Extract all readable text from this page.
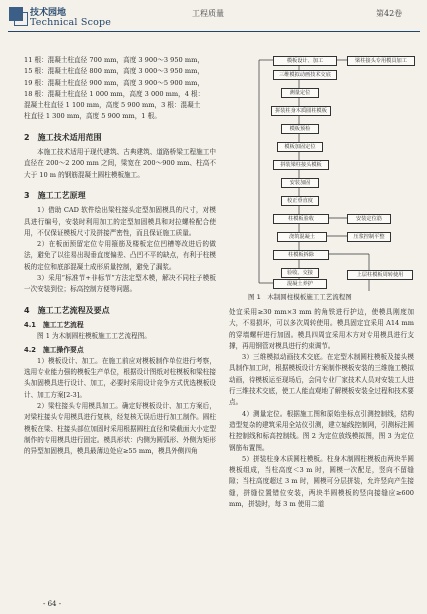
技术园地
Technical Scope
工程质量	第42卷

11 根：混凝土柱直径 700 mm，高度 3 900～3 950 mm，

15 根：混凝土柱直径 800 mm，高度 3 000～3 950 mm，

19 根：混凝土柱直径 900 mm，高度 3 900～5 900 mm，

18 根：混凝土柱直径 1 000 mm，高度 3 000 mm，4 根：

混凝土柱直径 1 100 mm，高度 5 900 mm，3 根：混凝土

柱直径 1 300 mm，高度 5 900 mm，1 根。

2　施工技术适用范围

本施工技术适用于现代建筑、古典建筑、道路桥梁工程施工中直径在 200～2 200 mm 之间，梁宽在 200～900 mm、柱高不大于 10 m 的钢筋混凝土圆柱模板施工。

3　施工工艺原理

1）借助 CAD 软件绘出梁柱接头定型加固模具的尺寸，对模具进行编号，安装时利用加工的定型加固模具和对拉螺栓配合使用，不仅保证模板尺寸及拼接严密性，而且保证施工质量。

2）在板面预留定位专用箍筋及楼板定位凹槽等改进后的做法，避免了以往易出现垂直度偏差、凸凹不平的缺点，有利于柱模板的定位和底部混凝土成形质量控制，避免了漏浆。

3）采用“标准节+非标节”方法定型木模，解决不同柱子模板一次安装到位；标高控制方便等问题。

4　施工工艺流程及要点
4.1　施工工艺流程

图 1 为木制圆柱模板施工工艺流程图。

4.2　施工操作要点

1）模板设计、加工。在施工前应对模板制作单位进行考察，选用专业能力强的模板生产单位，根据设计图纸对柱模板和梁柱接头加固模具进行设计、加工，必要时采用设计竞争方式优选模板设计、加工方案[2-3]。

2）梁柱接头专用模具加工。确定好模板设计、加工方案后，对梁柱接头专用模具进行复核，经复核无误后进行加工制作。圆柱模板在梁、柱接头部位加固时采用根据圆柱直径和梁截面大小定型制作的专用模具进行固定。模具形状：内侧为圆弧形、外侧为矩形的异型加固模具，模具最薄边处应≥55 mm，模具外侧四角

模板设计、加工	梁柱接头专用模具加工
三维模拟动画技术交底
测量定位
拼装柱身木质圆柱模板
模板预检
模板加固定位
拼装梁柱接头模板
安装加固
校正垂直度
柱模板验收	安装定位筋
浇筑混凝土	压浆控制平整
柱模板拆除
验收、交接	上层柱模板周转使用
混凝土养护
图 1　木制圆柱模板施工工艺流程图

处宜采用≥30 mm×3 mm 的角铁进行护边，使模具刚度加大，不易损坏，可以多次周转使用。模具固定宜采用 A14 mm 的穿墙螺杆进行加固。模具四周宜采用木方对专用模具进行支撑，再用钢管对模具进行约束调节。

3）三维模拟动画技术交底。在定型木制圆柱模板及接头模具制作加工时，根据模板设计方案制作模板安装的三维施工模拟动画，待模板运至现场后，会同专业厂家技术人员对安装工人进行三维技术交底，使工人能直观地了解模板安装全过程和技术要点。

4）测量定位。根据施工图和原始坐标点引测控制线，结构造型复杂的建筑采用全站仪引测，建立轴线控制网，引测标注圆柱控制线和标高控制线。图 2 为定位放线模拟图，图 3 为定位钢筋布置图。

5）拼装柱身木质圆柱模板。柱身木制圆柱模板由两块半圆模板组成，当柱高度＜3 m 时，圆模一次配足，竖向不留缝隙；当柱高度超过 3 m 时，圆模可分层拼装，允许竖向产生接缝，拼缝位置错位安装，两块半圆模板的竖向接缝应≥600 mm，拼装时，每 3 m 使用二道

- 64 -
